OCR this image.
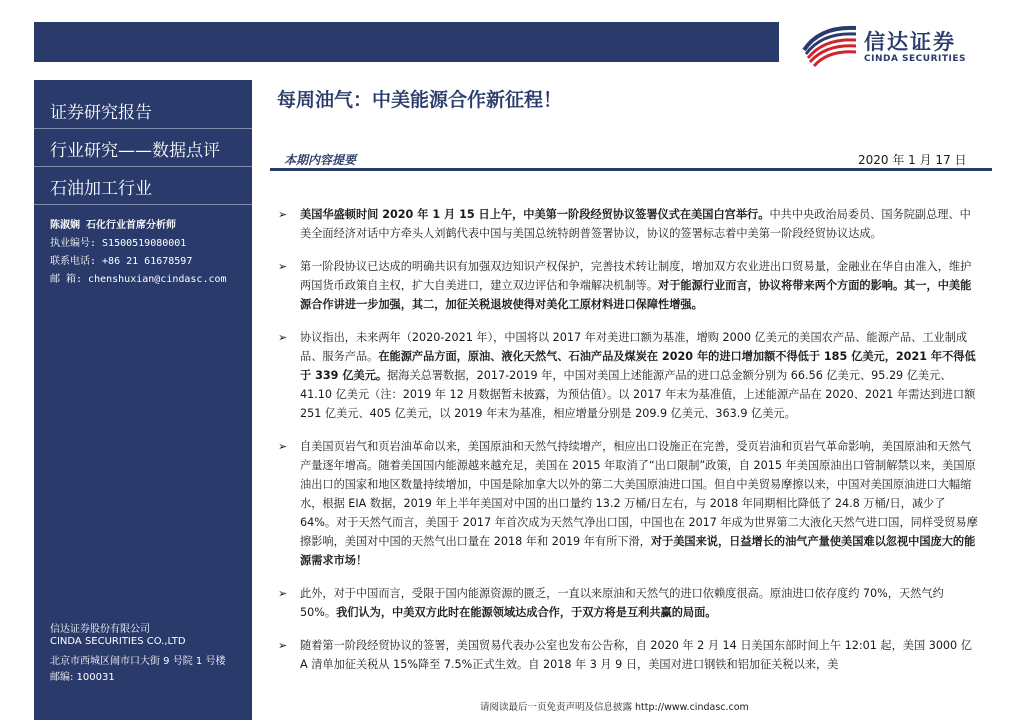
信达证券
CINDA SECURITIES
证券研究报告
行业研究——数据点评
石油加工行业
陈淑娴 石化行业首席分析师
执业编号: S1500519080001
联系电话: +86 21 61678597
邮 箱: chenshuxian@cindasc.com
信达证券股份有限公司
CINDA SECURITIES CO.,LTD
北京市西城区闹市口大街 9 号院 1 号楼
邮编: 100031
每周油气：中美能源合作新征程！
本期内容提要	2020 年 1 月 17 日

➢ 美国华盛顿时间 2020 年 1 月 15 日上午，中美第一阶段经贸协议签署仪式在美国白宫举行。中共中央政治局委员、国务院副总理、中美全面经济对话中方牵头人刘鹤代表中国与美国总统特朗普签署协议，协议的签署标志着中美第一阶段经贸协议达成。

➢ 第一阶段协议已达成的明确共识有加强双边知识产权保护，完善技术转让制度，增加双方农业进出口贸易量，金融业在华自由准入，维护两国货币政策自主权，扩大自美进口，建立双边评估和争端解决机制等。对于能源行业而言，协议将带来两个方面的影响。其一，中美能源合作讲进一步加强，其二，加征关税退坡使得对美化工原材料进口保障性增强。

➢ 协议指出，未来两年（2020-2021 年），中国将以 2017 年对美进口额为基准，增购 2000 亿美元的美国农产品、能源产品、工业制成品、服务产品。在能源产品方面，原油、液化天然气、石油产品及煤炭在 2020 年的进口增加额不得低于 185 亿美元，2021 年不得低于 339 亿美元。据海关总署数据，2017-2019 年，中国对美国上述能源产品的进口总金额分别为 66.56 亿美元、95.29 亿美元、41.10 亿美元（注：2019 年 12 月数据暂未披露，为预估值）。以 2017 年末为基准值，上述能源产品在 2020、2021 年需达到进口额 251 亿美元、405 亿美元，以 2019 年末为基准，相应增量分别是 209.9 亿美元、363.9 亿美元。

➢ 自美国页岩气和页岩油革命以来，美国原油和天然气持续增产，相应出口设施正在完善，受页岩油和页岩气革命影响，美国原油和天然气产量逐年增高。随着美国国内能源越来越充足，美国在 2015 年取消了“出口限制”政策，自 2015 年美国原油出口管制解禁以来，美国原油出口的国家和地区数量持续增加，中国是除加拿大以外的第二大美国原油进口国。但自中美贸易摩擦以来，中国对美国原油进口大幅缩水，根据 EIA 数据，2019 年上半年美国对中国的出口量约 13.2 万桶/日左右，与 2018 年同期相比降低了 24.8 万桶/日，减少了 64%。对于天然气而言，美国于 2017 年首次成为天然气净出口国，中国也在 2017 年成为世界第二大液化天然气进口国，同样受贸易摩擦影响，美国对中国的天然气出口量在 2018 年和 2019 年有所下滑，对于美国来说，日益增长的油气产量使美国难以忽视中国庞大的能源需求市场！

➢ 此外，对于中国而言，受限于国内能源资源的匮乏，一直以来原油和天然气的进口依赖度很高。原油进口依存度约 70%，天然气约 50%。我们认为，中美双方此时在能源领域达成合作，于双方将是互利共赢的局面。

➢ 随着第一阶段经贸协议的签署，美国贸易代表办公室也发布公告称，自 2020 年 2 月 14 日美国东部时间上午 12:01 起，美国 3000 亿 A 清单加征关税从 15%降至 7.5%正式生效。自 2018 年 3 月 9 日，美国对进口钢铁和铝加征关税以来，美

请阅读最后一页免责声明及信息披露 http://www.cindasc.com
